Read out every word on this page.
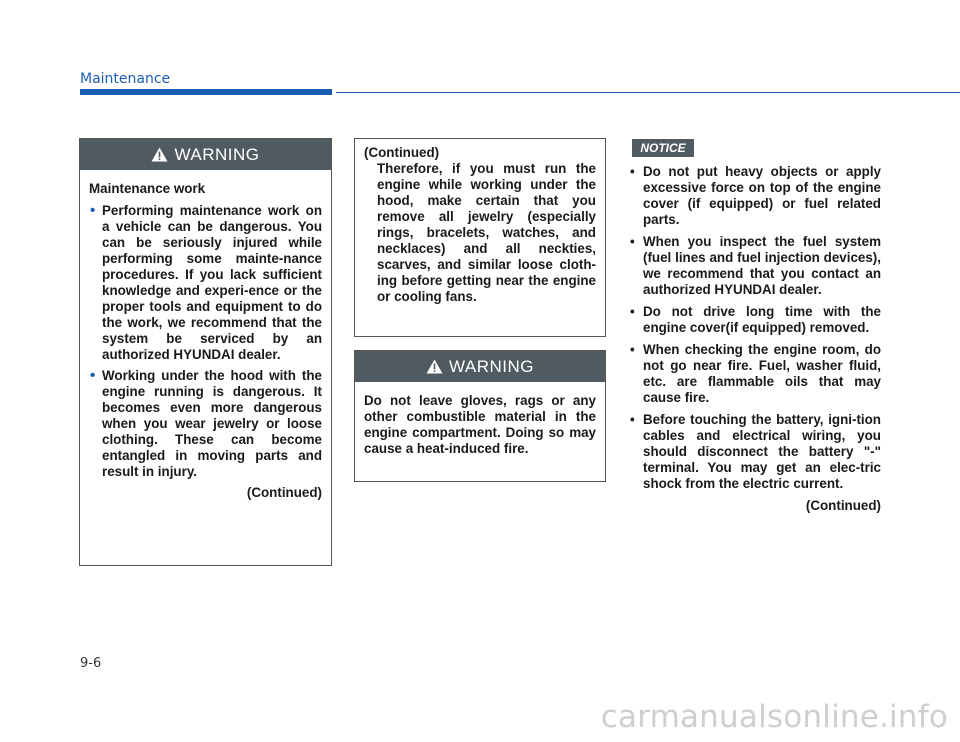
Maintenance
WARNING

Maintenance work

• Performing maintenance work on a vehicle can be dangerous. You can be seriously injured while performing some mainte-nance procedures. If you lack sufficient knowledge and experi-ence or the proper tools and equipment to do the work, we recommend that the system be serviced by an authorized HYUNDAI dealer.
• Working under the hood with the engine running is dangerous. It becomes even more dangerous when you wear jewelry or loose clothing. These can become entangled in moving parts and result in injury.

(Continued)

(Continued)

Therefore, if you must run the engine while working under the hood, make certain that you remove all jewelry (especially rings, bracelets, watches, and necklaces) and all neckties, scarves, and similar loose cloth-ing before getting near the engine or cooling fans.

WARNING

Do not leave gloves, rags or any other combustible material in the engine compartment. Doing so may cause a heat-induced fire.

NOTICE
• Do not put heavy objects or apply excessive force on top of the engine cover (if equipped) or fuel related parts.
• When you inspect the fuel system (fuel lines and fuel injection devices), we recommend that you contact an authorized HYUNDAI dealer.
• Do not drive long time with the engine cover(if equipped) removed.
• When checking the engine room, do not go near fire. Fuel, washer fluid, etc. are flammable oils that may cause fire.
• Before touching the battery, igni-tion cables and electrical wiring, you should disconnect the battery "-" terminal. You may get an elec-tric shock from the electric current.

(Continued)

9-6
carmanualsonline.info
